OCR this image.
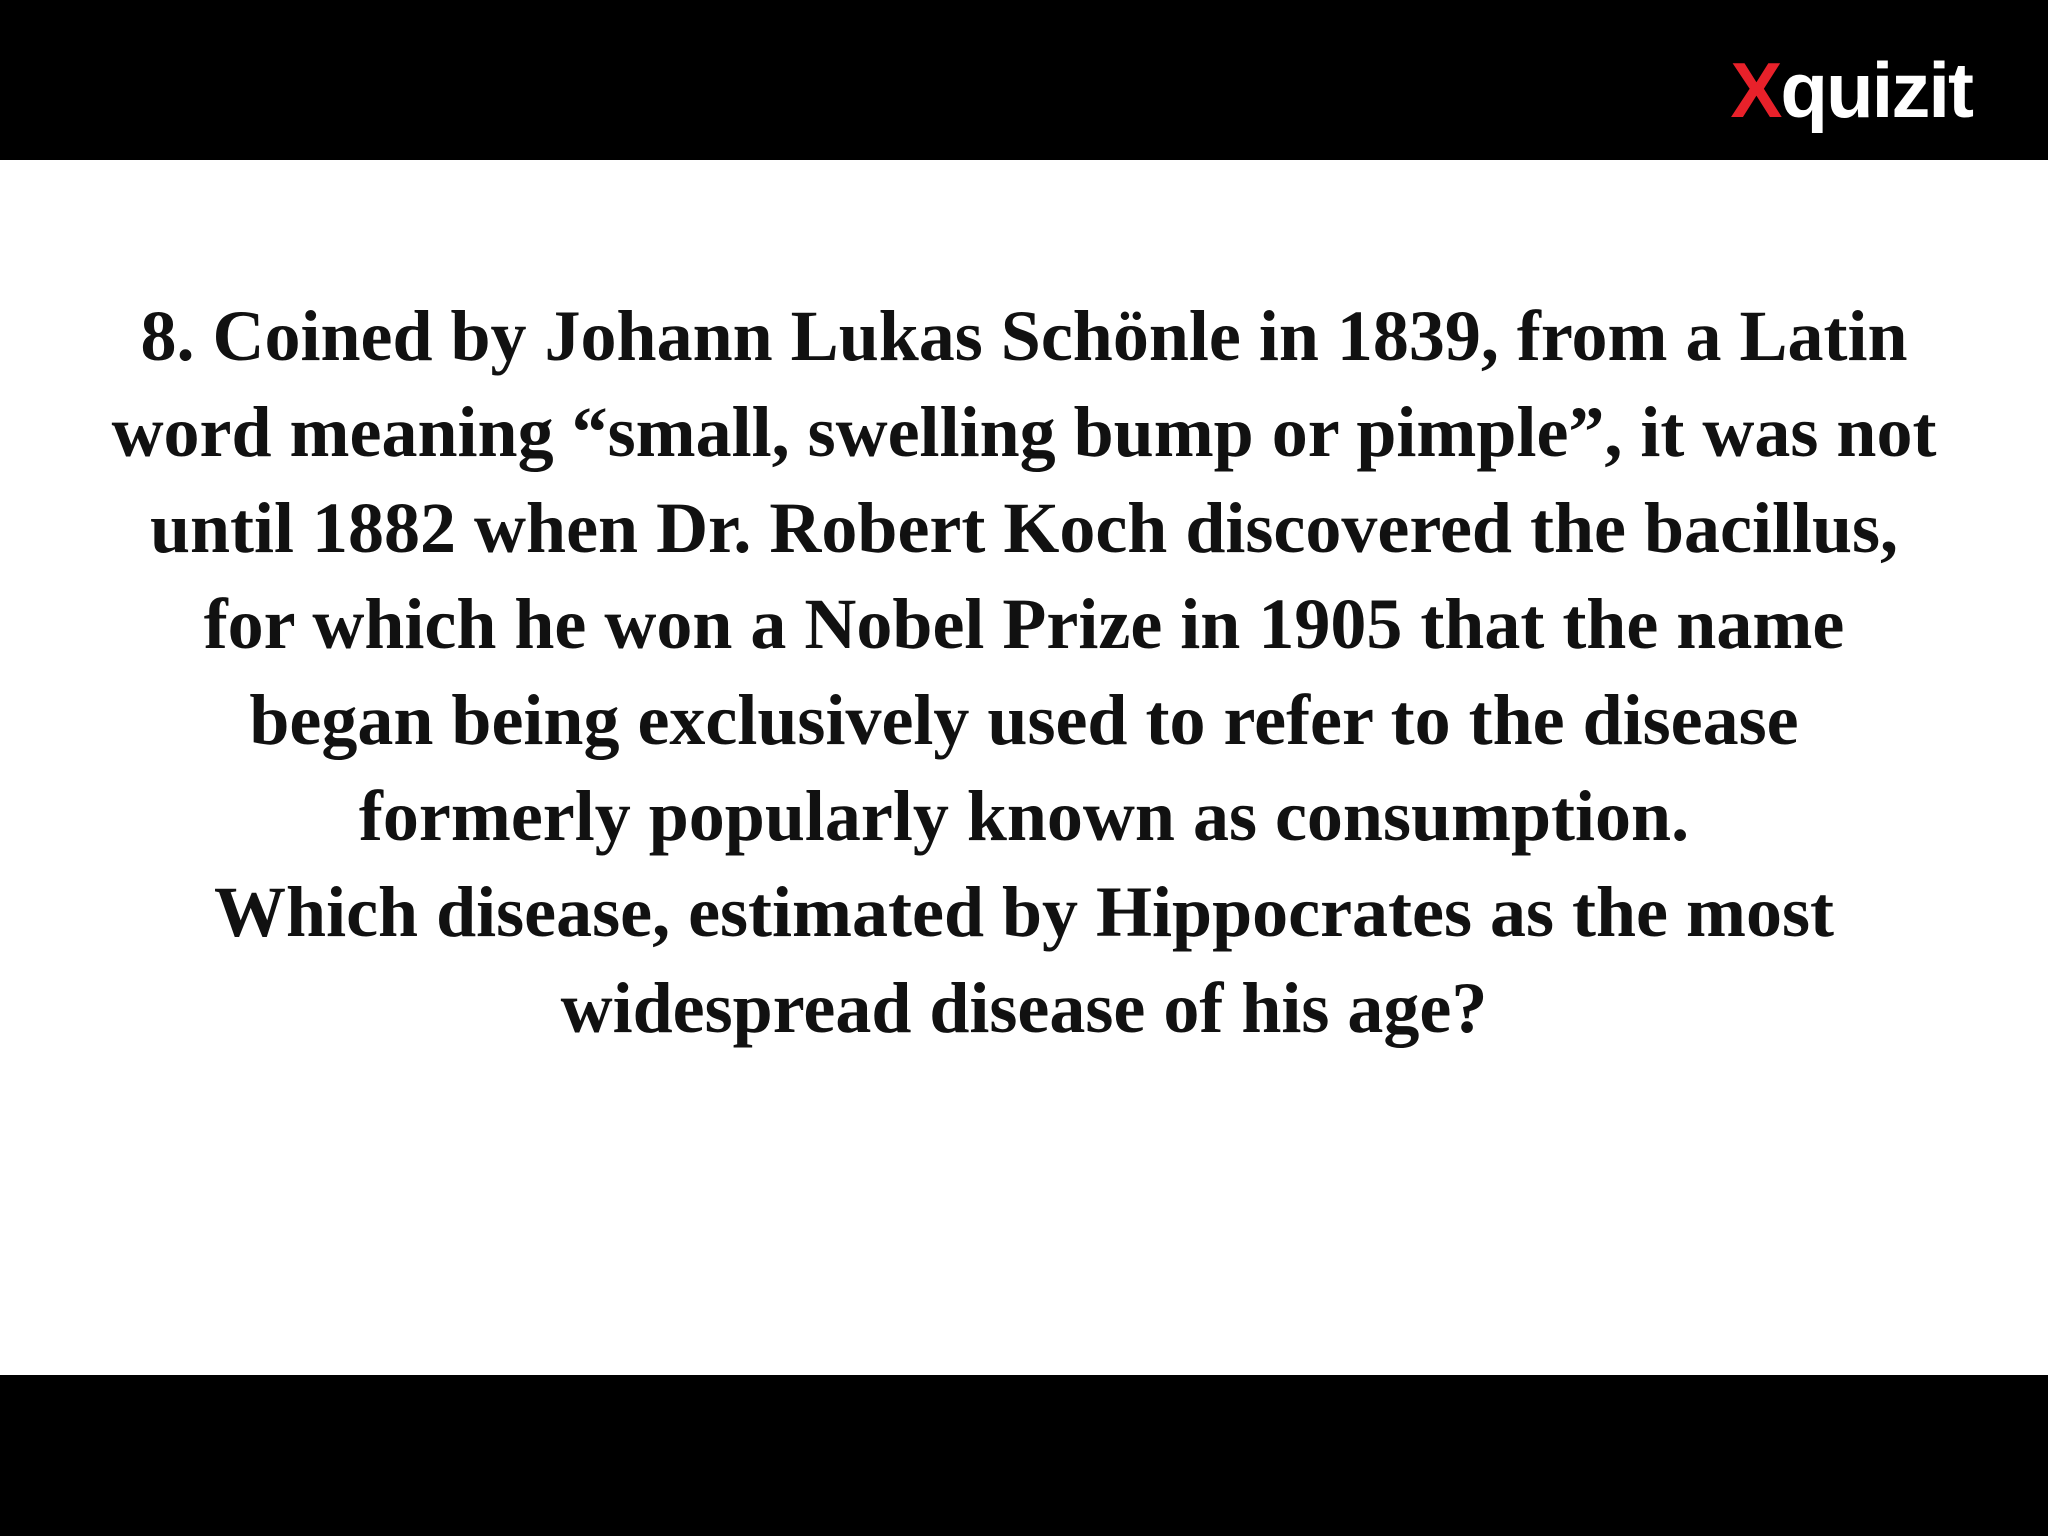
X quizit

8. Coined by Johann Lukas Schönle in 1839, from a Latin
word meaning “small, swelling bump or pimple”, it was not
until 1882 when Dr. Robert Koch discovered the bacillus,
for which he won a Nobel Prize in 1905 that the name
began being exclusively used to refer to the disease
formerly popularly known as consumption.
Which disease, estimated by Hippocrates as the most
widespread disease of his age?
